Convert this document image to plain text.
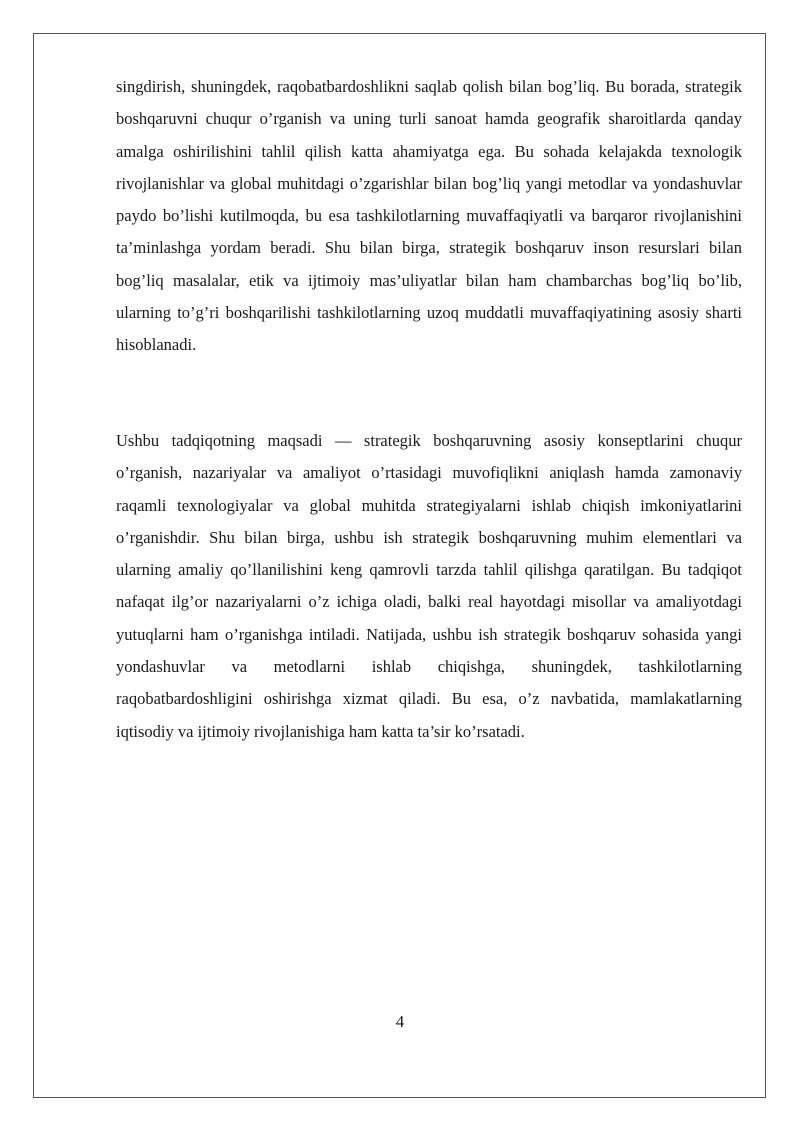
singdirish, shuningdek, raqobatbardoshlikni saqlab qolish bilan bog’liq. Bu borada, strategik boshqaruvni chuqur o’rganish va uning turli sanoat hamda geografik sharoitlarda qanday amalga oshirilishini tahlil qilish katta ahamiyatga ega. Bu sohada kelajakda texnologik rivojlanishlar va global muhitdagi o’zgarishlar bilan bog’liq yangi metodlar va yondashuvlar paydo bo’lishi kutilmoqda, bu esa tashkilotlarning muvaffaqiyatli va barqaror rivojlanishini ta’minlashga yordam beradi. Shu bilan birga, strategik boshqaruv inson resurslari bilan bog’liq masalalar, etik va ijtimoiy mas’uliyatlar bilan ham chambarchas bog’liq bo’lib, ularning to’g’ri boshqarilishi tashkilotlarning uzoq muddatli muvaffaqiyatining asosiy sharti hisoblanadi.

Ushbu tadqiqotning maqsadi — strategik boshqaruvning asosiy konseptlarini chuqur o’rganish, nazariyalar va amaliyot o’rtasidagi muvofiqlikni aniqlash hamda zamonaviy raqamli texnologiyalar va global muhitda strategiyalarni ishlab chiqish imkoniyatlarini o’rganishdir. Shu bilan birga, ushbu ish strategik boshqaruvning muhim elementlari va ularning amaliy qo’llanilishini keng qamrovli tarzda tahlil qilishga qaratilgan. Bu tadqiqot nafaqat ilg’or nazariyalarni o’z ichiga oladi, balki real hayotdagi misollar va amaliyotdagi yutuqlarni ham o’rganishga intiladi. Natijada, ushbu ish strategik boshqaruv sohasida yangi yondashuvlar va metodlarni ishlab chiqishga, shuningdek, tashkilotlarning raqobatbardoshligini oshirishga xizmat qiladi. Bu esa, o’z navbatida, mamlakatlarning iqtisodiy va ijtimoiy rivojlanishiga ham katta ta’sir ko’rsatadi.

4
